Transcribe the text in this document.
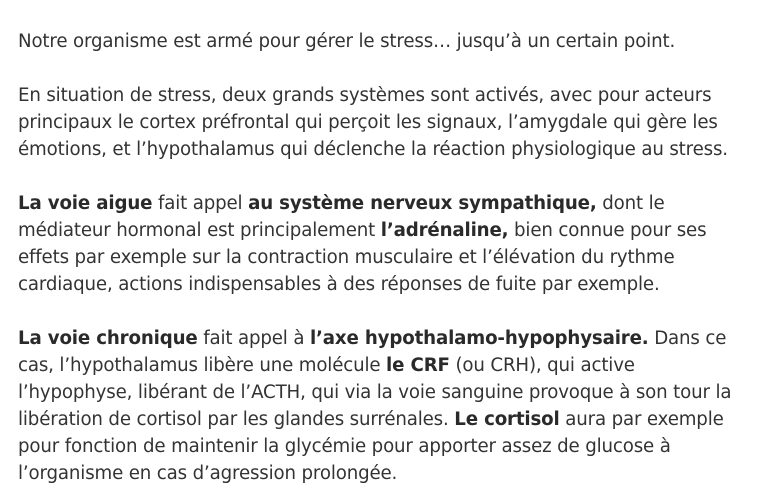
Notre organisme est armé pour gérer le stress… jusqu’à un certain point.

En situation de stress, deux grands systèmes sont activés, avec pour acteurs principaux le cortex préfrontal qui perçoit les signaux, l’amygdale qui gère les émotions, et l’hypothalamus qui déclenche la réaction physiologique au stress.

La voie aigue fait appel au système nerveux sympathique, dont le médiateur hormonal est principalement l’adrénaline, bien connue pour ses effets par exemple sur la contraction musculaire et l’élévation du rythme cardiaque, actions indispensables à des réponses de fuite par exemple.

La voie chronique fait appel à l’axe hypothalamo-hypophysaire. Dans ce cas, l’hypothalamus libère une molécule le CRF (ou CRH), qui active l’hypophyse, libérant de l’ACTH, qui via la voie sanguine provoque à son tour la libération de cortisol par les glandes surrénales. Le cortisol aura par exemple pour fonction de maintenir la glycémie pour apporter assez de glucose à l’organisme en cas d’agression prolongée.
